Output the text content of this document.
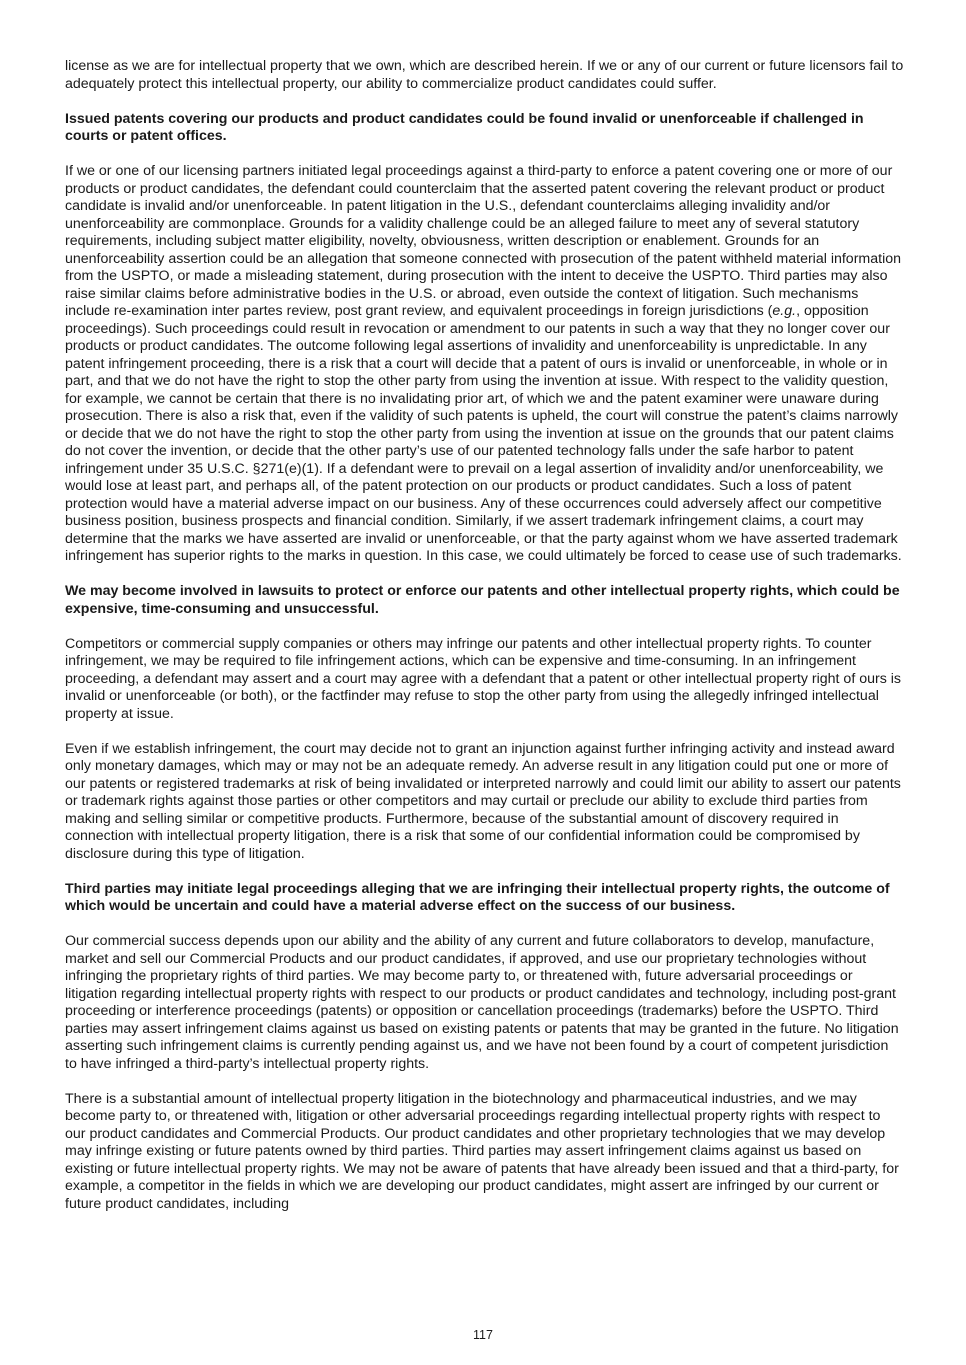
license as we are for intellectual property that we own, which are described herein. If we or any of our current or future licensors fail to adequately protect this intellectual property, our ability to commercialize product candidates could suffer.

Issued patents covering our products and product candidates could be found invalid or unenforceable if challenged in courts or patent offices.

If we or one of our licensing partners initiated legal proceedings against a third-party to enforce a patent covering one or more of our products or product candidates, the defendant could counterclaim that the asserted patent covering the relevant product or product candidate is invalid and/or unenforceable. In patent litigation in the U.S., defendant counterclaims alleging invalidity and/or unenforceability are commonplace. Grounds for a validity challenge could be an alleged failure to meet any of several statutory requirements, including subject matter eligibility, novelty, obviousness, written description or enablement. Grounds for an unenforceability assertion could be an allegation that someone connected with prosecution of the patent withheld material information from the USPTO, or made a misleading statement, during prosecution with the intent to deceive the USPTO. Third parties may also raise similar claims before administrative bodies in the U.S. or abroad, even outside the context of litigation. Such mechanisms include re-examination inter partes review, post grant review, and equivalent proceedings in foreign jurisdictions (e.g., opposition proceedings). Such proceedings could result in revocation or amendment to our patents in such a way that they no longer cover our products or product candidates. The outcome following legal assertions of invalidity and unenforceability is unpredictable. In any patent infringement proceeding, there is a risk that a court will decide that a patent of ours is invalid or unenforceable, in whole or in part, and that we do not have the right to stop the other party from using the invention at issue. With respect to the validity question, for example, we cannot be certain that there is no invalidating prior art, of which we and the patent examiner were unaware during prosecution. There is also a risk that, even if the validity of such patents is upheld, the court will construe the patent’s claims narrowly or decide that we do not have the right to stop the other party from using the invention at issue on the grounds that our patent claims do not cover the invention, or decide that the other party’s use of our patented technology falls under the safe harbor to patent infringement under 35 U.S.C. §271(e)(1). If a defendant were to prevail on a legal assertion of invalidity and/or unenforceability, we would lose at least part, and perhaps all, of the patent protection on our products or product candidates. Such a loss of patent protection would have a material adverse impact on our business. Any of these occurrences could adversely affect our competitive business position, business prospects and financial condition. Similarly, if we assert trademark infringement claims, a court may determine that the marks we have asserted are invalid or unenforceable, or that the party against whom we have asserted trademark infringement has superior rights to the marks in question. In this case, we could ultimately be forced to cease use of such trademarks.

We may become involved in lawsuits to protect or enforce our patents and other intellectual property rights, which could be expensive, time-consuming and unsuccessful.

Competitors or commercial supply companies or others may infringe our patents and other intellectual property rights. To counter infringement, we may be required to file infringement actions, which can be expensive and time-consuming. In an infringement proceeding, a defendant may assert and a court may agree with a defendant that a patent or other intellectual property right of ours is invalid or unenforceable (or both), or the factfinder may refuse to stop the other party from using the allegedly infringed intellectual property at issue.

Even if we establish infringement, the court may decide not to grant an injunction against further infringing activity and instead award only monetary damages, which may or may not be an adequate remedy. An adverse result in any litigation could put one or more of our patents or registered trademarks at risk of being invalidated or interpreted narrowly and could limit our ability to assert our patents or trademark rights against those parties or other competitors and may curtail or preclude our ability to exclude third parties from making and selling similar or competitive products. Furthermore, because of the substantial amount of discovery required in connection with intellectual property litigation, there is a risk that some of our confidential information could be compromised by disclosure during this type of litigation.

Third parties may initiate legal proceedings alleging that we are infringing their intellectual property rights, the outcome of which would be uncertain and could have a material adverse effect on the success of our business.

Our commercial success depends upon our ability and the ability of any current and future collaborators to develop, manufacture, market and sell our Commercial Products and our product candidates, if approved, and use our proprietary technologies without infringing the proprietary rights of third parties. We may become party to, or threatened with, future adversarial proceedings or litigation regarding intellectual property rights with respect to our products or product candidates and technology, including post-grant proceeding or interference proceedings (patents) or opposition or cancellation proceedings (trademarks) before the USPTO. Third parties may assert infringement claims against us based on existing patents or patents that may be granted in the future. No litigation asserting such infringement claims is currently pending against us, and we have not been found by a court of competent jurisdiction to have infringed a third-party’s intellectual property rights.

There is a substantial amount of intellectual property litigation in the biotechnology and pharmaceutical industries, and we may become party to, or threatened with, litigation or other adversarial proceedings regarding intellectual property rights with respect to our product candidates and Commercial Products. Our product candidates and other proprietary technologies that we may develop may infringe existing or future patents owned by third parties. Third parties may assert infringement claims against us based on existing or future intellectual property rights. We may not be aware of patents that have already been issued and that a third-party, for example, a competitor in the fields in which we are developing our product candidates, might assert are infringed by our current or future product candidates, including

117
